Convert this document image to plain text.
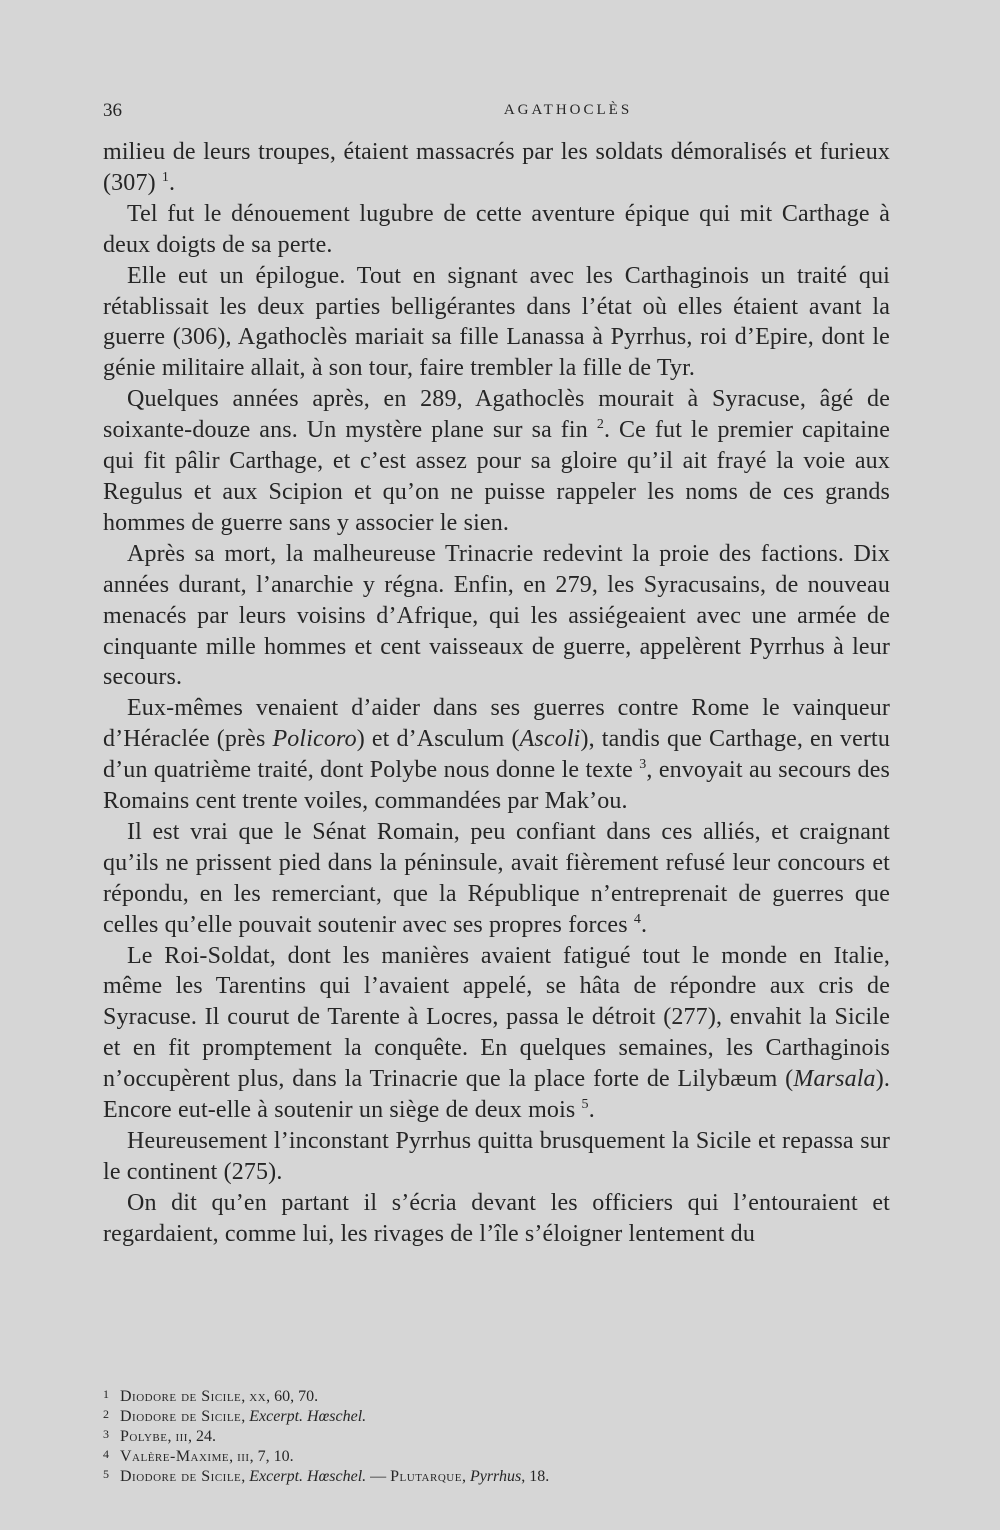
36	AGATHOCLÈS

milieu de leurs troupes, étaient massacrés par les soldats démoralisés et furieux (307) $^1$.

Tel fut le dénouement lugubre de cette aventure épique qui mit Carthage à deux doigts de sa perte.

Elle eut un épilogue. Tout en signant avec les Carthaginois un traité qui rétablissait les deux parties belligérantes dans l’état où elles étaient avant la guerre (306), Agathoclès mariait sa fille Lanassa à Pyrrhus, roi d’Epire, dont le génie militaire allait, à son tour, faire trembler la fille de Tyr.

Quelques années après, en 289, Agathoclès mourait à Syracuse, âgé de soixante-douze ans. Un mystère plane sur sa fin $^2$. Ce fut le premier capitaine qui fit pâlir Carthage, et c’est assez pour sa gloire qu’il ait frayé la voie aux Regulus et aux Scipion et qu’on ne puisse rappeler les noms de ces grands hommes de guerre sans y associer le sien.

Après sa mort, la malheureuse Trinacrie redevint la proie des factions. Dix années durant, l’anarchie y régna. Enfin, en 279, les Syracusains, de nouveau menacés par leurs voisins d’Afrique, qui les assiégeaient avec une armée de cinquante mille hommes et cent vaisseaux de guerre, appelèrent Pyrrhus à leur secours.

Eux-mêmes venaient d’aider dans ses guerres contre Rome le vainqueur d’Héraclée (près Policoro) et d’Asculum (Ascoli), tandis que Carthage, en vertu d’un quatrième traité, dont Polybe nous donne le texte $^3$, envoyait au secours des Romains cent trente voiles, commandées par Mak’ou.

Il est vrai que le Sénat Romain, peu confiant dans ces alliés, et craignant qu’ils ne prissent pied dans la péninsule, avait fièrement refusé leur concours et répondu, en les remerciant, que la République n’entreprenait de guerres que celles qu’elle pouvait soutenir avec ses propres forces $^4$.

Le Roi-Soldat, dont les manières avaient fatigué tout le monde en Italie, même les Tarentins qui l’avaient appelé, se hâta de répondre aux cris de Syracuse. Il courut de Tarente à Locres, passa le détroit (277), envahit la Sicile et en fit promptement la conquête. En quelques semaines, les Carthaginois n’occupèrent plus, dans la Trinacrie que la place forte de Lilybæum (Marsala). Encore eut-elle à soutenir un siège de deux mois $^5$.

Heureusement l’inconstant Pyrrhus quitta brusquement la Sicile et repassa sur le continent (275).

On dit qu’en partant il s’écria devant les officiers qui l’entouraient et regardaient, comme lui, les rivages de l’île s’éloigner lentement du

1 Diodore de Sicile, xx, 60, 70.
2 Diodore de Sicile, Excerpt. Hœschel.
3 Polybe, iii, 24.
4 Valère-Maxime, iii, 7, 10.
5 Diodore de Sicile, Excerpt. Hœschel. — Plutarque, Pyrrhus, 18.
